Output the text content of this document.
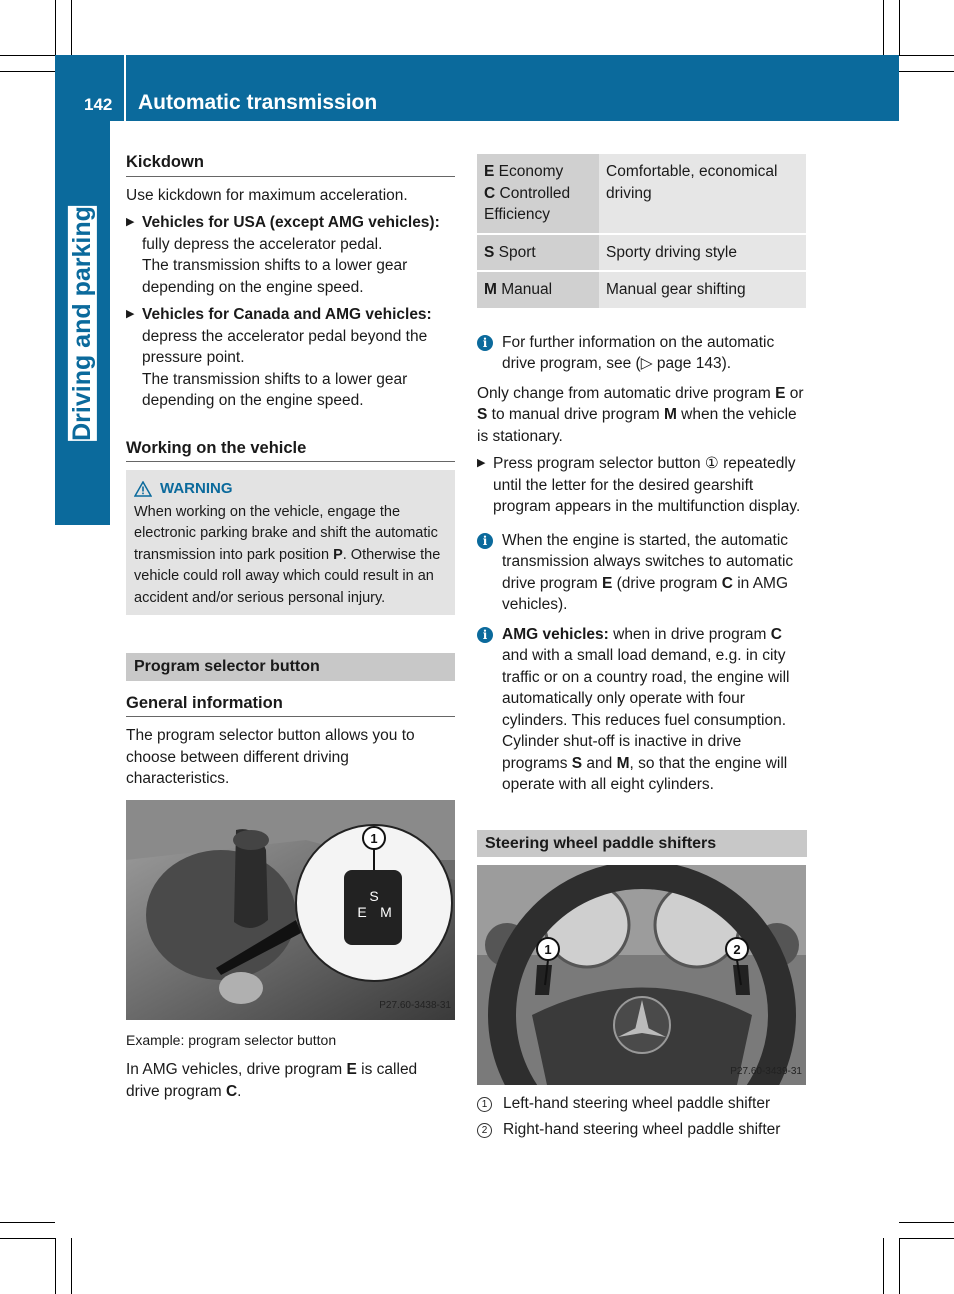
142 Automatic transmission
Driving and parking
Kickdown

Use kickdown for maximum acceleration.

▶ Vehicles for USA (except AMG vehicles): fully depress the accelerator pedal.
The transmission shifts to a lower gear depending on the engine speed.
▶ Vehicles for Canada and AMG vehicles: depress the accelerator pedal beyond the pressure point.
The transmission shifts to a lower gear depending on the engine speed.
Working on the vehicle
WARNING
When working on the vehicle, engage the electronic parking brake and shift the automatic transmission into park position P. Otherwise the vehicle could roll away which could result in an accident and/or serious personal injury.
Program selector button
General information

The program selector button allows you to choose between different driving characteristics.

1
S
E M
P27.60-3438-31
Example: program selector button

In AMG vehicles, drive program E is called drive program C.

E Economy
C Controlled Efficiency	Comfortable, economical driving
S Sport	Sporty driving style
M Manual	Manual gear shifting
i For further information on the automatic drive program, see (▷ page 143).

Only change from automatic drive program E or S to manual drive program M when the vehicle is stationary.

▶ Press program selector button ① repeatedly until the letter for the desired gearshift program appears in the multifunction display.
i When the engine is started, the automatic transmission always switches to automatic drive program E (drive program C in AMG vehicles).
i AMG vehicles: when in drive program C and with a small load demand, e.g. in city traffic or on a country road, the engine will automatically only operate with four cylinders. This reduces fuel consumption. Cylinder shut-off is inactive in drive programs S and M, so that the engine will operate with all eight cylinders.
Steering wheel paddle shifters
1	2
P27.60-3439-31
1	Left-hand steering wheel paddle shifter
2	Right-hand steering wheel paddle shifter
